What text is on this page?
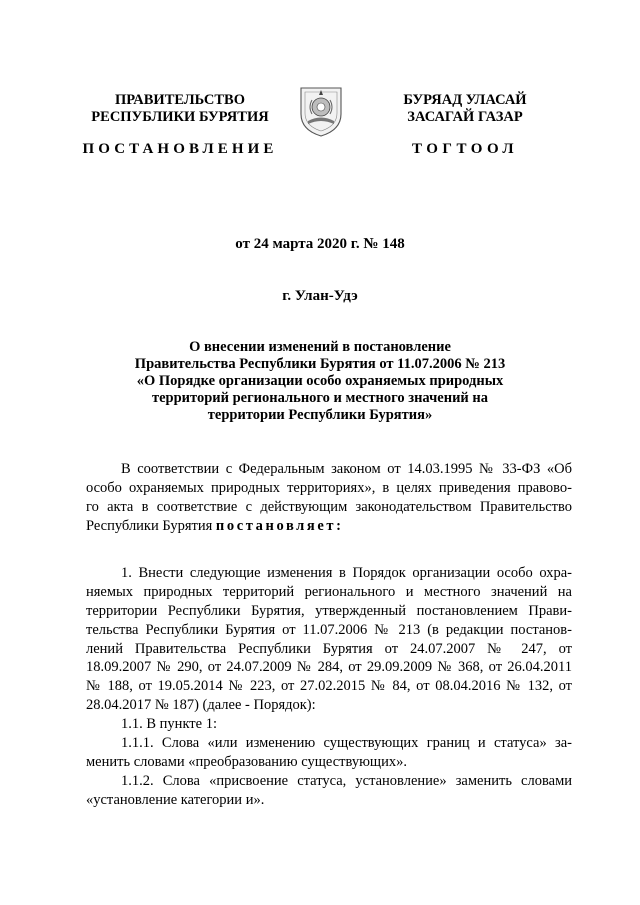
ПРАВИТЕЛЬСТВО
РЕСПУБЛИКИ БУРЯТИЯ
БУРЯАД УЛАСАЙ
ЗАСАГАЙ ГАЗАР
ПОСТАНОВЛЕНИЕ	ТОГТООЛ
от 24 марта 2020 г. № 148
г. Улан-Удэ
О внесении изменений в постановление
Правительства Республики Бурятия от 11.07.2006 № 213
«О Порядке организации особо охраняемых природных
территорий регионального и местного значений на
территории Республики Бурятия»
В соответствии с Федеральным законом от 14.03.1995 № 33-ФЗ «Об
особо охраняемых природных территориях», в целях приведения правово-
го акта в соответствие с действующим законодательством Правительство
Республики Бурятия постановляет:
1. Внести следующие изменения в Порядок организации особо охра-
няемых природных территорий регионального и местного значений на
территории Республики Бурятия, утвержденный постановлением Прави-
тельства Республики Бурятия от 11.07.2006 № 213 (в редакции постанов-
лений Правительства Республики Бурятия от 24.07.2007 № 247, от
18.09.2007 № 290, от 24.07.2009 № 284, от 29.09.2009 № 368, от 26.04.2011
№ 188, от 19.05.2014 № 223, от 27.02.2015 № 84, от 08.04.2016 № 132, от
28.04.2017 № 187) (далее - Порядок):
1.1. В пункте 1:
1.1.1. Слова «или изменению существующих границ и статуса» за-
менить словами «преобразованию существующих».
1.1.2. Слова «присвоение статуса, установление» заменить словами
«установление категории и».
